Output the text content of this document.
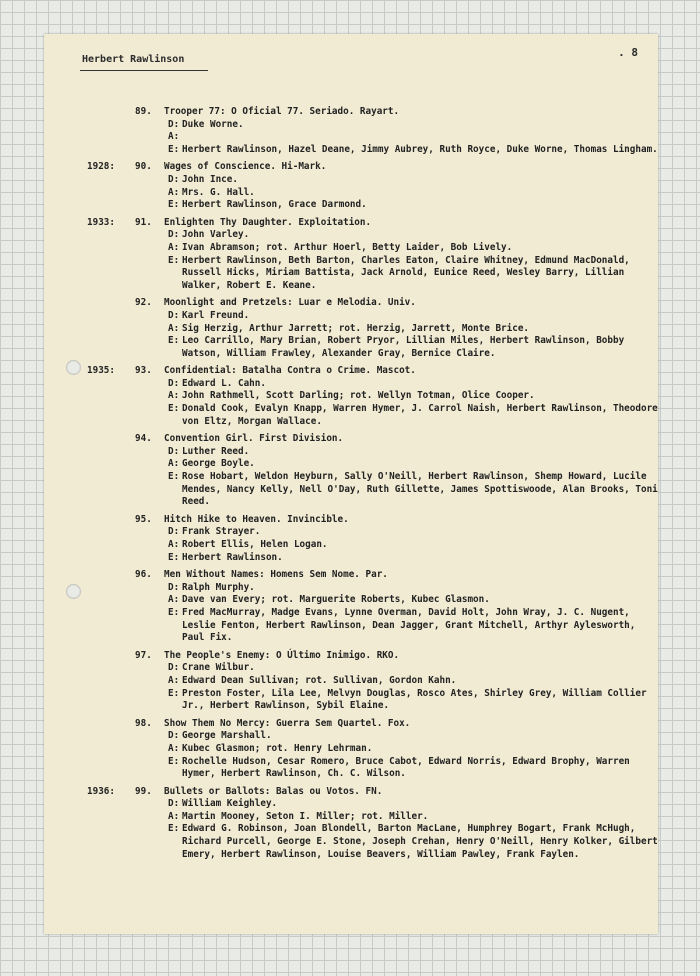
Herbert Rawlinson
. 8
89. Trooper 77: O Oficial 77. Seriado. Rayart.
D: Duke Worne.
A:
E: Herbert Rawlinson, Hazel Deane, Jimmy Aubrey, Ruth Royce, Duke Worne, Thomas Lingham.
1928: 90. Wages of Conscience. Hi-Mark.
D: John Ince.
A: Mrs. G. Hall.
E: Herbert Rawlinson, Grace Darmond.
1933: 91. Enlighten Thy Daughter. Exploitation.
D: John Varley.
A: Ivan Abramson; rot. Arthur Hoerl, Betty Laider, Bob Lively.
E: Herbert Rawlinson, Beth Barton, Charles Eaton, Claire Whitney, Edmund MacDonald, Russell Hicks, Miriam Battista, Jack Arnold, Eunice Reed, Wesley Barry, Lillian Walker, Robert E. Keane.
92. Moonlight and Pretzels: Luar e Melodia. Univ.
D: Karl Freund.
A: Sig Herzig, Arthur Jarrett; rot. Herzig, Jarrett, Monte Brice.
E: Leo Carrillo, Mary Brian, Robert Pryor, Lillian Miles, Herbert Rawlinson, Bobby Watson, William Frawley, Alexander Gray, Bernice Claire.
1935: 93. Confidential: Batalha Contra o Crime. Mascot.
D: Edward L. Cahn.
A: John Rathmell, Scott Darling; rot. Wellyn Totman, Olice Cooper.
E: Donald Cook, Evalyn Knapp, Warren Hymer, J. Carrol Naish, Herbert Rawlinson, Theodore von Eltz, Morgan Wallace.
94. Convention Girl. First Division.
D: Luther Reed.
A: George Boyle.
E: Rose Hobart, Weldon Heyburn, Sally O'Neill, Herbert Rawlinson, Shemp Howard, Lucile Mendes, Nancy Kelly, Nell O'Day, Ruth Gillette, James Spottiswoode, Alan Brooks, Toni Reed.
95. Hitch Hike to Heaven. Invincible.
D: Frank Strayer.
A: Robert Ellis, Helen Logan.
E: Herbert Rawlinson.
96. Men Without Names: Homens Sem Nome. Par.
D: Ralph Murphy.
A: Dave van Every; rot. Marguerite Roberts, Kubec Glasmon.
E: Fred MacMurray, Madge Evans, Lynne Overman, David Holt, John Wray, J. C. Nugent, Leslie Fenton, Herbert Rawlinson, Dean Jagger, Grant Mitchell, Arthyr Aylesworth, Paul Fix.
97. The People's Enemy: O Último Inimigo. RKO.
D: Crane Wilbur.
A: Edward Dean Sullivan; rot. Sullivan, Gordon Kahn.
E: Preston Foster, Lila Lee, Melvyn Douglas, Rosco Ates, Shirley Grey, William Collier Jr., Herbert Rawlinson, Sybil Elaine.
98. Show Them No Mercy: Guerra Sem Quartel. Fox.
D: George Marshall.
A: Kubec Glasmon; rot. Henry Lehrman.
E: Rochelle Hudson, Cesar Romero, Bruce Cabot, Edward Norris, Edward Brophy, Warren Hymer, Herbert Rawlinson, Ch. C. Wilson.
1936: 99. Bullets or Ballots: Balas ou Votos. FN.
D: William Keighley.
A: Martin Mooney, Seton I. Miller; rot. Miller.
E: Edward G. Robinson, Joan Blondell, Barton MacLane, Humphrey Bogart, Frank McHugh, Richard Purcell, George E. Stone, Joseph Crehan, Henry O'Neill, Henry Kolker, Gilbert Emery, Herbert Rawlinson, Louise Beavers, William Pawley, Frank Faylen.
